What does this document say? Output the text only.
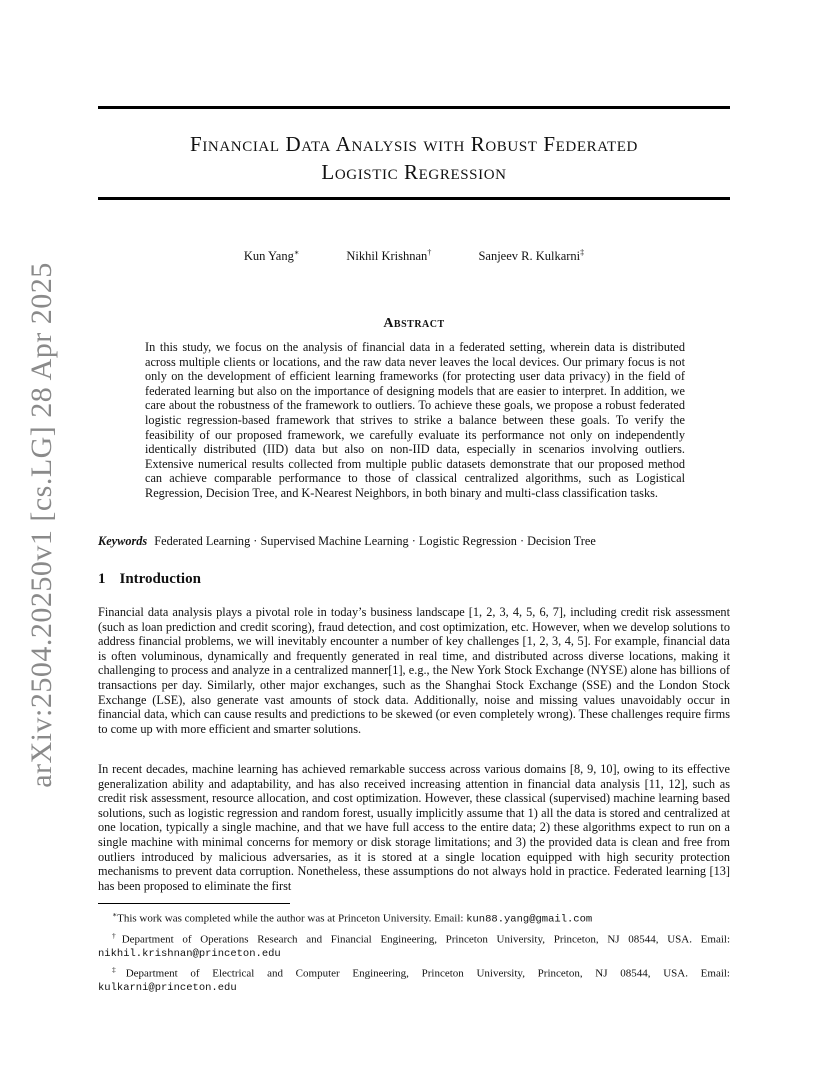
arXiv:2504.20250v1 [cs.LG] 28 Apr 2025
Financial Data Analysis with Robust Federated
Logistic Regression
Kun Yang∗	Nikhil Krishnan†	Sanjeev R. Kulkarni‡
Abstract
In this study, we focus on the analysis of financial data in a federated setting, wherein data is distributed across multiple clients or locations, and the raw data never leaves the local devices. Our primary focus is not only on the development of efficient learning frameworks (for protecting user data privacy) in the field of federated learning but also on the importance of designing models that are easier to interpret. In addition, we care about the robustness of the framework to outliers. To achieve these goals, we propose a robust federated logistic regression-based framework that strives to strike a balance between these goals. To verify the feasibility of our proposed framework, we carefully evaluate its performance not only on independently identically distributed (IID) data but also on non-IID data, especially in scenarios involving outliers. Extensive numerical results collected from multiple public datasets demonstrate that our proposed method can achieve comparable performance to those of classical centralized algorithms, such as Logistical Regression, Decision Tree, and K-Nearest Neighbors, in both binary and multi-class classification tasks.
Keywords Federated Learning · Supervised Machine Learning · Logistic Regression · Decision Tree
1 Introduction
Financial data analysis plays a pivotal role in today’s business landscape [1, 2, 3, 4, 5, 6, 7], including credit risk assessment (such as loan prediction and credit scoring), fraud detection, and cost optimization, etc. However, when we develop solutions to address financial problems, we will inevitably encounter a number of key challenges [1, 2, 3, 4, 5]. For example, financial data is often voluminous, dynamically and frequently generated in real time, and distributed across diverse locations, making it challenging to process and analyze in a centralized manner[1], e.g., the New York Stock Exchange (NYSE) alone has billions of transactions per day. Similarly, other major exchanges, such as the Shanghai Stock Exchange (SSE) and the London Stock Exchange (LSE), also generate vast amounts of stock data. Additionally, noise and missing values unavoidably occur in financial data, which can cause results and predictions to be skewed (or even completely wrong). These challenges require firms to come up with more efficient and smarter solutions.
In recent decades, machine learning has achieved remarkable success across various domains [8, 9, 10], owing to its effective generalization ability and adaptability, and has also received increasing attention in financial data analysis [11, 12], such as credit risk assessment, resource allocation, and cost optimization. However, these classical (supervised) machine learning based solutions, such as logistic regression and random forest, usually implicitly assume that 1) all the data is stored and centralized at one location, typically a single machine, and that we have full access to the entire data; 2) these algorithms expect to run on a single machine with minimal concerns for memory or disk storage limitations; and 3) the provided data is clean and free from outliers introduced by malicious adversaries, as it is stored at a single location equipped with high security protection mechanisms to prevent data corruption. Nonetheless, these assumptions do not always hold in practice. Federated learning [13] has been proposed to eliminate the first

∗This work was completed while the author was at Princeton University. Email: kun88.yang@gmail.com

†Department of Operations Research and Financial Engineering, Princeton University, Princeton, NJ 08544, USA. Email: nikhil.krishnan@princeton.edu

‡Department of Electrical and Computer Engineering, Princeton University, Princeton, NJ 08544, USA. Email: kulkarni@princeton.edu
